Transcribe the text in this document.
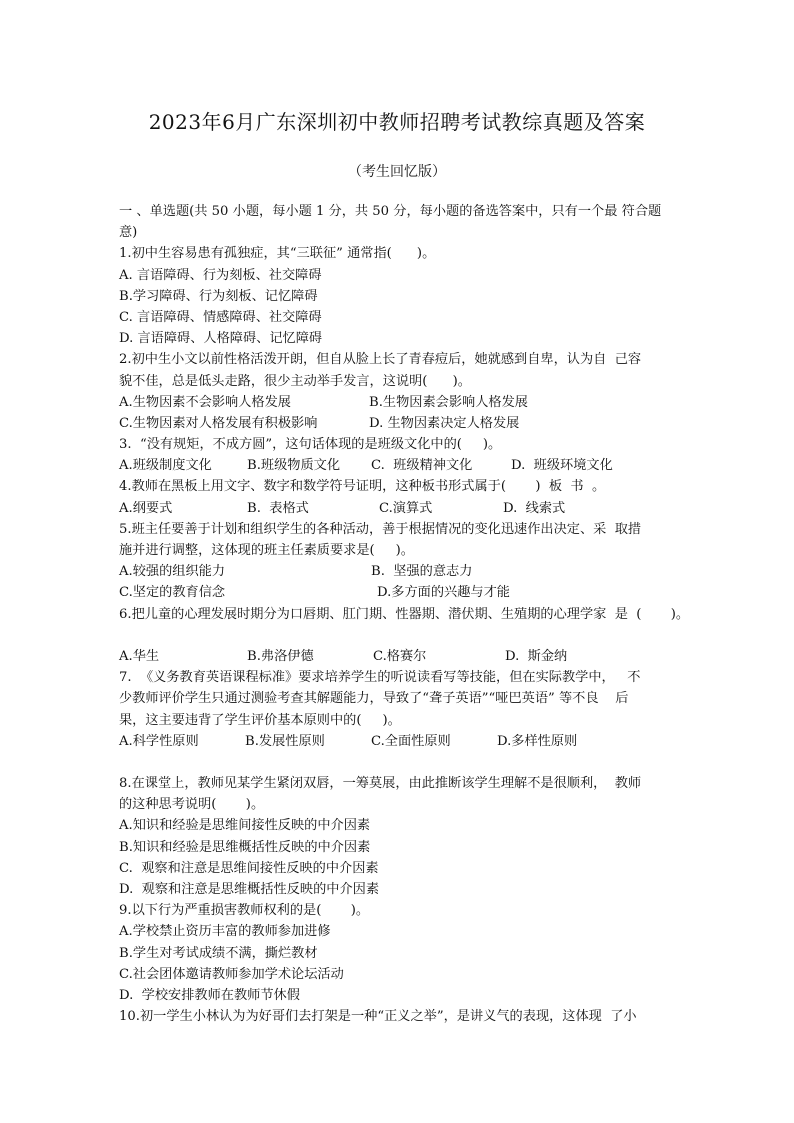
2023年6月广东深圳初中教师招聘考试教综真题及答案
（考生回忆版）
一 、单选题(共 50 小题，每小题 1 分，共 50 分，每小题的备选答案中，只有一个最 符合题意)
1.初中生容易患有孤独症，其“三联征” 通常指(      )。
A. 言语障碍、行为刻板、社交障碍
B.学习障碍、行为刻板、记忆障碍
C. 言语障碍、情感障碍、社交障碍
D. 言语障碍、人格障碍、记忆障碍
2.初中生小文以前性格活泼开朗，但自从脸上长了青春痘后，她就感到自卑，认为自  己容
貌不佳，总是低头走路，很少主动举手发言，这说明(      )。
A.生物因素不会影响人格发展	B.生物因素会影响人格发展
C.生物因素对人格发展有积极影响	D. 生物因素决定人格发展
3.  “没有规矩，不成方圆”，这句话体现的是班级文化中的(     )。
A.班级制度文化	B.班级物质文化 C.  班级精神文化	D.  班级环境文化
4.教师在黑板上用文字、数字和数学符号证明，这种板书形式属于(       )  板  书  。
A.纲要式	B.  表格式	C.演算式	D.  线索式
5.班主任要善于计划和组织学生的各种活动，善于根据情况的变化迅速作出决定、采  取措
施并进行调整，这体现的班主任素质要求是(     )。
A.较强的组织能力	B.  坚强的意志力
C.坚定的教育信念	D.多方面的兴趣与才能
6.把儿童的心理发展时期分为口唇期、肛门期、性器期、潜伏期、生殖期的心理学家  是  (       )。
A.华生	B.弗洛伊德	C.格赛尔	D.  斯金纳
7.  《义务教育英语课程标准》要求培养学生的听说读看写等技能，但在实际教学中，   不
少教师评价学生只通过测验考查其解题能力，导致了“聋子英语”“哑巴英语” 等不良    后
果，这主要违背了学生评价基本原则中的(     )。
A.科学性原则	B.发展性原则	C.全面性原则	D.多样性原则
8.在课堂上，教师见某学生紧闭双唇，一筹莫展，由此推断该学生理解不是很顺利，  教师
的这种思考说明(       )。
A.知识和经验是思维间接性反映的中介因素
B.知识和经验是思维概括性反映的中介因素
C.  观察和注意是思维间接性反映的中介因素
D.  观察和注意是思维概括性反映的中介因素
9.以下行为严重损害教师权利的是(       )。
A.学校禁止资历丰富的教师参加进修
B.学生对考试成绩不满，撕烂教材
C.社会团体邀请教师参加学术论坛活动
D.  学校安排教师在教师节休假
10.初一学生小林认为为好哥们去打架是一种“正义之举”，是讲义气的表现，这体现  了小
